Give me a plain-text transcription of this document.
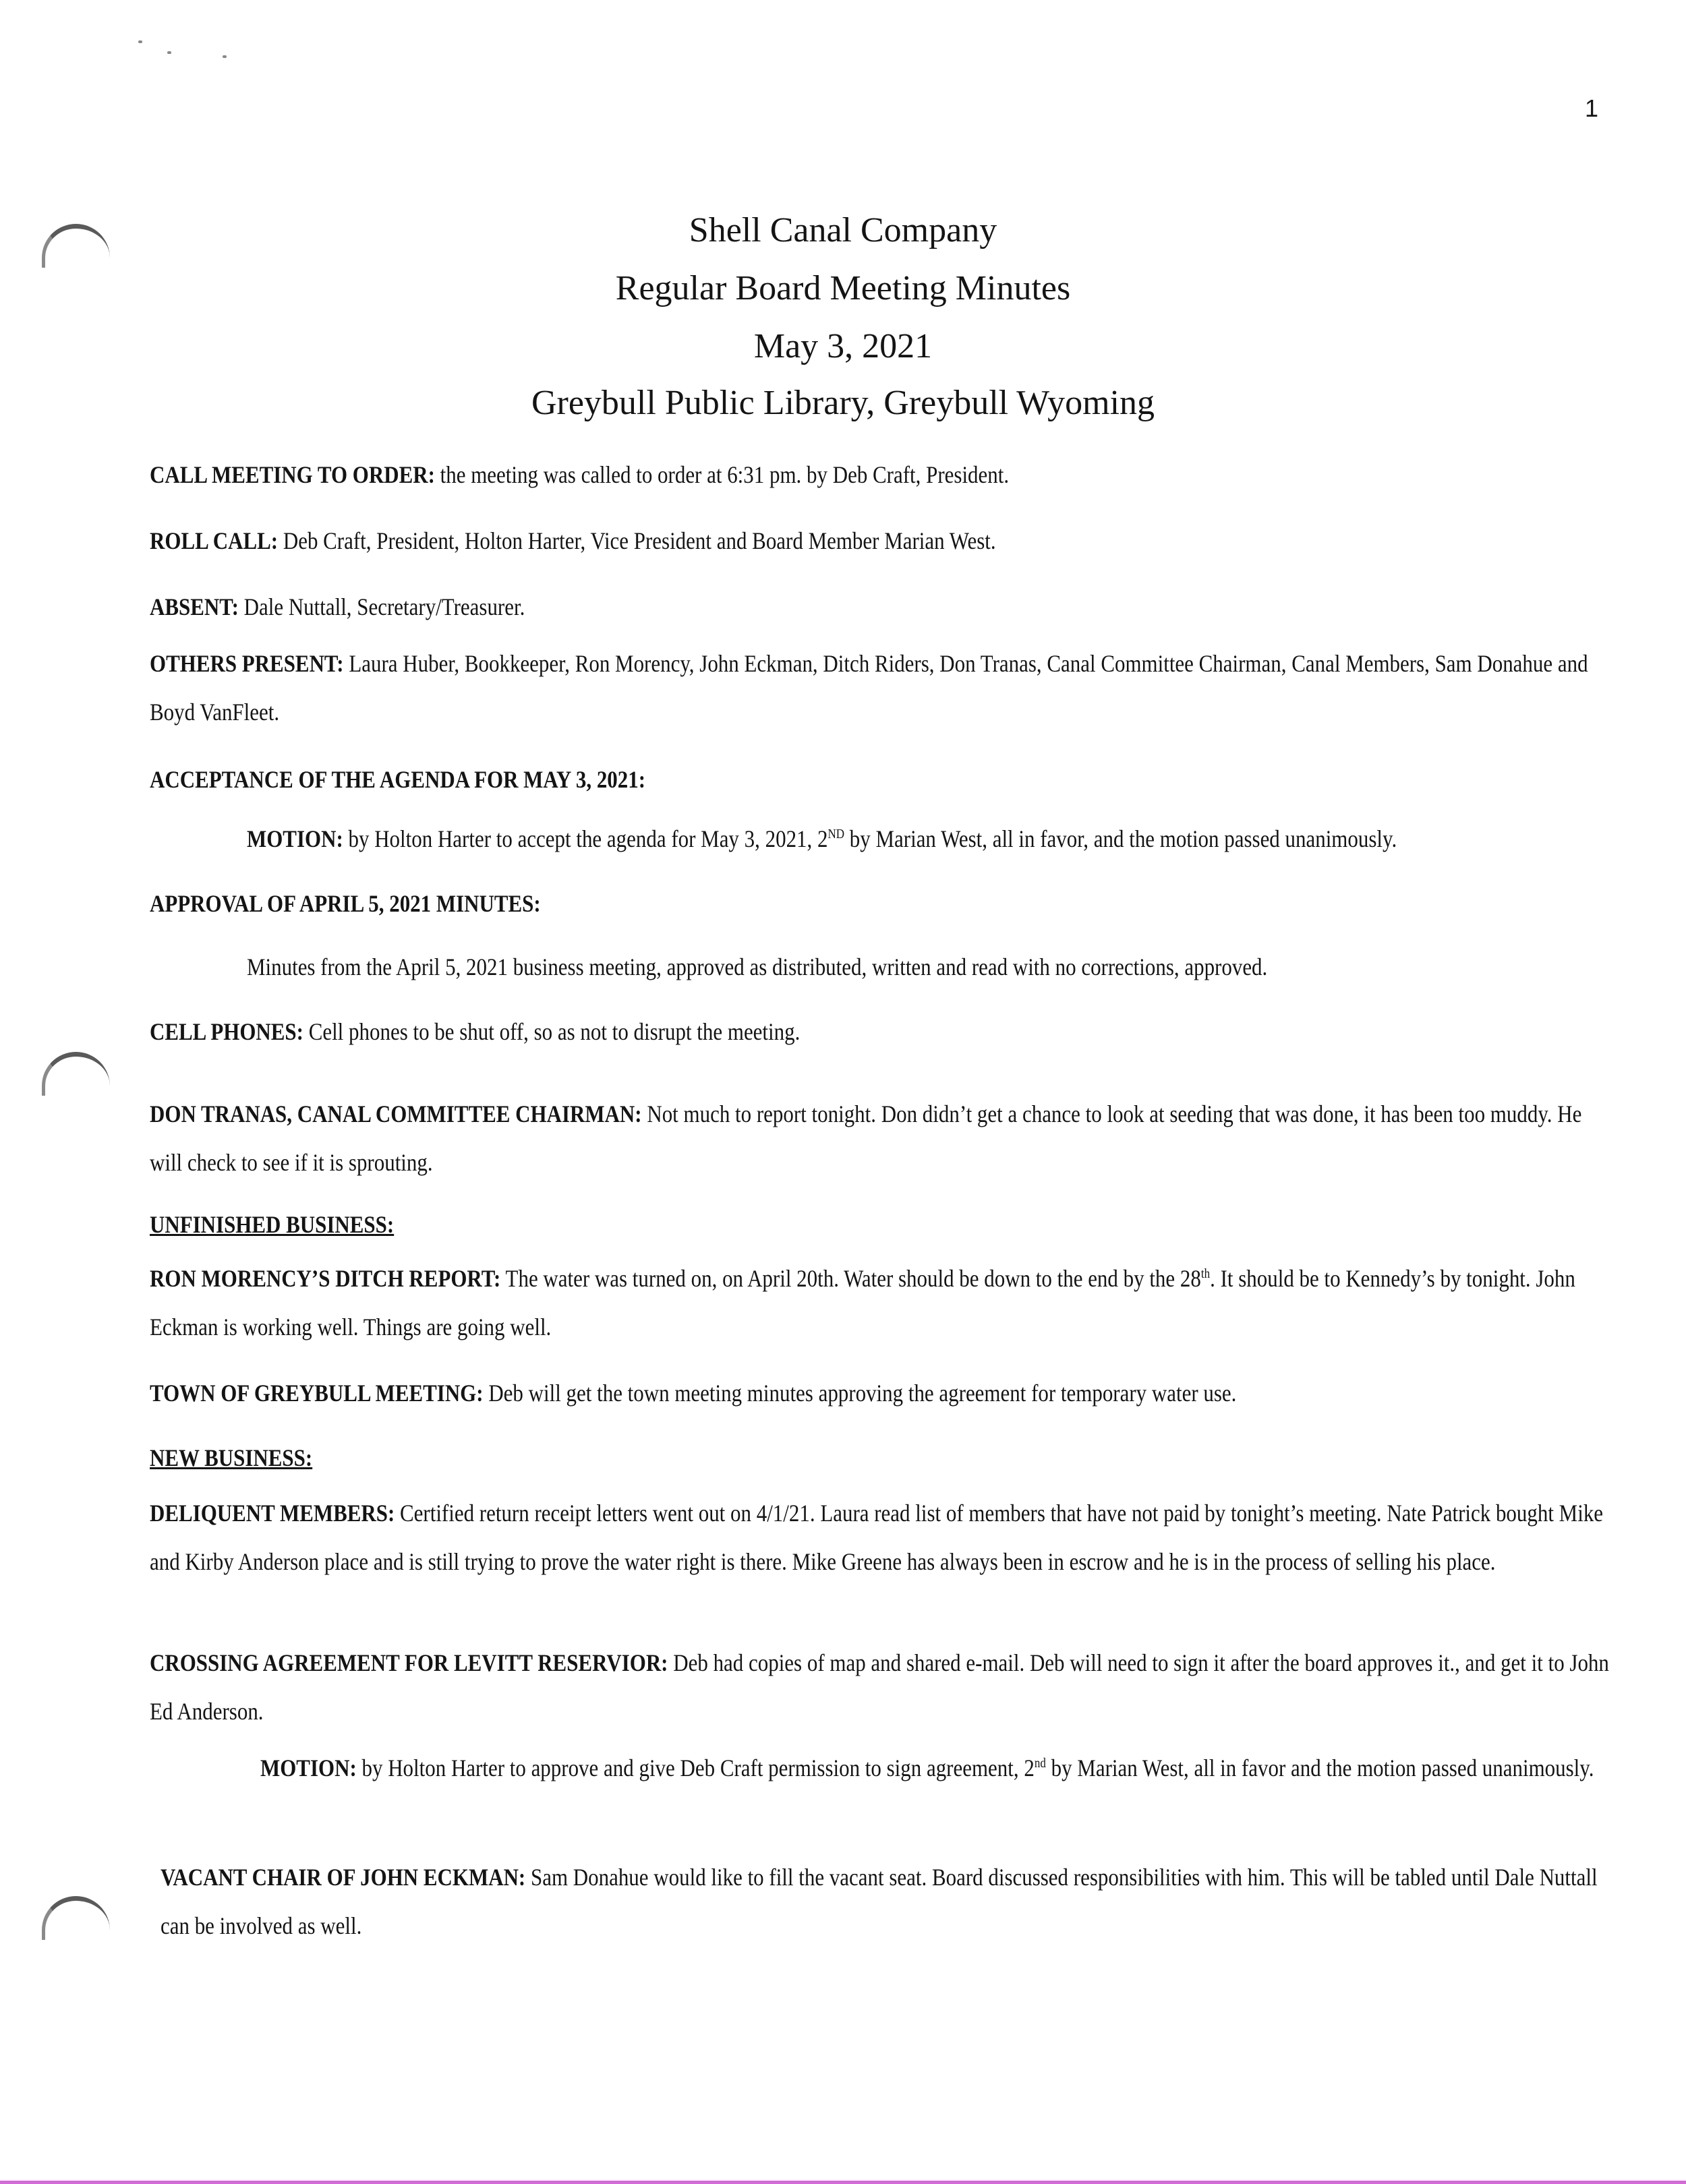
1
Shell Canal Company
Regular Board Meeting Minutes
May 3, 2021
Greybull Public Library, Greybull Wyoming
CALL MEETING TO ORDER: the meeting was called to order at 6:31 pm. by Deb Craft, President.
ROLL CALL: Deb Craft, President, Holton Harter, Vice President and Board Member Marian West.
ABSENT: Dale Nuttall, Secretary/Treasurer.
OTHERS PRESENT: Laura Huber, Bookkeeper, Ron Morency, John Eckman, Ditch Riders, Don Tranas, Canal Committee Chairman, Canal Members, Sam Donahue and Boyd VanFleet.
ACCEPTANCE OF THE AGENDA FOR MAY 3, 2021:
MOTION: by Holton Harter to accept the agenda for May 3, 2021, 2ND by Marian West, all in favor, and the motion passed unanimously.
APPROVAL OF APRIL 5, 2021 MINUTES:
Minutes from the April 5, 2021 business meeting, approved as distributed, written and read with no corrections, approved.
CELL PHONES: Cell phones to be shut off, so as not to disrupt the meeting.
DON TRANAS, CANAL COMMITTEE CHAIRMAN: Not much to report tonight. Don didn’t get a chance to look at seeding that was done, it has been too muddy. He will check to see if it is sprouting.
UNFINISHED BUSINESS:
RON MORENCY’S DITCH REPORT: The water was turned on, on April 20th. Water should be down to the end by the 28th. It should be to Kennedy’s by tonight. John Eckman is working well. Things are going well.
TOWN OF GREYBULL MEETING: Deb will get the town meeting minutes approving the agreement for temporary water use.
NEW BUSINESS:
DELIQUENT MEMBERS: Certified return receipt letters went out on 4/1/21. Laura read list of members that have not paid by tonight’s meeting. Nate Patrick bought Mike and Kirby Anderson place and is still trying to prove the water right is there. Mike Greene has always been in escrow and he is in the process of selling his place.
CROSSING AGREEMENT FOR LEVITT RESERVIOR: Deb had copies of map and shared e-mail. Deb will need to sign it after the board approves it., and get it to John Ed Anderson.
MOTION: by Holton Harter to approve and give Deb Craft permission to sign agreement, 2nd by Marian West, all in favor and the motion passed unanimously.
VACANT CHAIR OF JOHN ECKMAN: Sam Donahue would like to fill the vacant seat. Board discussed responsibilities with him. This will be tabled until Dale Nuttall can be involved as well.
